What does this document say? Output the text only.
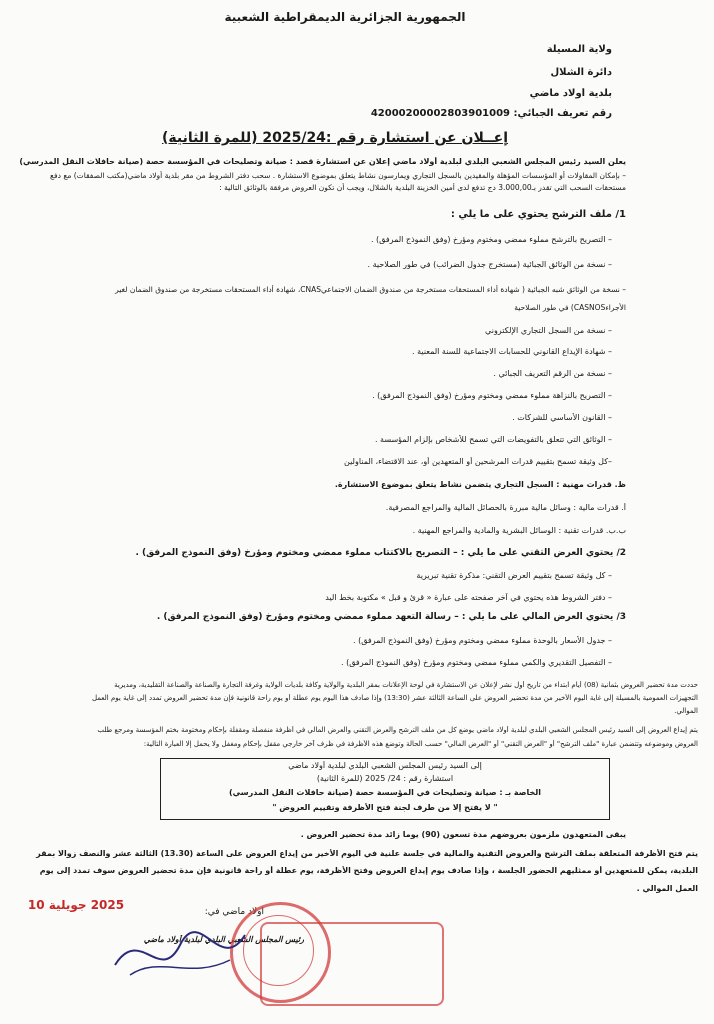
الجمهورية الجزائرية الديمقراطية الشعبية
ولاية المسيلة
دائرة الشلال
بلدية أولاد ماضي
رقم تعريف الجبائي: 42000200002803901009
إعــلان عن استشارة رقم :2025/24 (للمرة الثانية)
يعلن السيد رئيس المجلس الشعبي البلدي لبلدية أولاد ماضي إعلان عن استشارة قصد : صيانة وتصليحات في المؤسسة حصة (صيانة حافلات النقل المدرسي)
– بإمكان المقاولات أو المؤسسات المؤهلة والمقيدين بالسجل التجاري ويمارسون نشاط يتعلق بموضوع الاستشارة . سحب دفتر الشروط من مقر بلدية أولاد ماضي(مكتب الصفقات) مع دفع
مستحقات السحب التي تقدر بـ3.000,00 دج تدفع لدى أمين الخزينة البلدية بالشلال، ويجب أن تكون العروض مرفقة بالوثائق التالية :
1/ ملف الترشح يحتوي على ما يلي :
– التصريح بالترشح مملوء ممضي ومختوم ومؤرخ (وفق النموذج المرفق) .
– نسخة من الوثائق الجبائية (مستخرج جدول الضرائب) في طور الصلاحية .
– نسخة من الوثائق شبه الجبائية ( شهادة أداء المستحقات مستخرجة من صندوق الضمان الاجتماعيCNAS، شهادة أداء المستحقات مستخرجة من صندوق الضمان لغير
الأجراءCASNOS) في طور الصلاحية
– نسخة من السجل التجاري الإلكتروني
– شهادة الإيداع القانوني للحسابات الاجتماعية للسنة المعنية .
– نسخة من الرقم التعريف الجبائي .
– التصريح بالنزاهة مملوء ممضي ومختوم ومؤرخ (وفق النموذج المرفق) .
– القانون الأساسي للشركات .
– الوثائق التي تتعلق بالتفويضات التي تسمح للأشخاص بإلزام المؤسسة .
–كل وثيقة تسمح بتقييم قدرات المرشحين أو المتعهدين أو، عند الاقتضاء، المناولين
ظ. قدرات مهنية : السجل التجاري يتضمن نشاط يتعلق بموضوع الاستشارة.
أ. قدرات مالية : وسائل مالية مبررة بالحصائل المالية والمراجع المصرفية.
ب.ب. قدرات تقنية : الوسائل البشرية والمادية والمراجع المهنية .
2/ يحتوي العرض التقني على ما يلي : – التصريح بالاكتتاب مملوء ممضي ومختوم ومؤرخ (وفق النموذج المرفق) .
– كل وثيقة تسمح بتقييم العرض التقني: مذكرة تقنية تبريرية
– دفتر الشروط هذه يحتوي في آخر صفحته على عبارة « قرئ و قبل » مكتوبة بخط اليد
3/ يحتوي العرض المالي على ما يلي : – رسالة التعهد مملوء ممضي ومختوم ومؤرخ (وفق النموذج المرفق) .
– جدول الأسعار بالوحدة مملوء ممضي ومختوم ومؤرخ (وفق النموذج المرفق) .
– التفصيل التقديري والكمي مملوء ممضي ومختوم ومؤرخ (وفق النموذج المرفق) .
حددت مدة تحضير العروض بثمانية (08) أيام ابتداء من تاريخ أول نشر لإعلان عن الاستشارة في لوحة الإعلانات بمقر البلدية والولاية وكافة بلديات الولاية وغرفة التجارة والصناعة والصناعة التقليدية، ومديرية
التجهيزات العمومية بالمسيلة إلى غاية اليوم الأخير من مدة تحضير العروض على الساعة الثالثة عشر (13:30) وإذا صادف هذا اليوم يوم عطلة أو يوم راحة قانونية فإن مدة تحضير العروض تمدد إلى غاية يوم العمل
الموالي.
يتم إيداع العروض إلى السيد رئيس المجلس الشعبي البلدي لبلدية أولاد ماضي يوضع كل من ملف الترشح والعرض التقني والعرض المالي في أظرفة منفصلة ومقفلة بإحكام ومختومة بختم المؤسسة ومرجع طلب
العروض وموضوعه وتتضمن عبارة "ملف الترشح" أو "العرض التقني" أو "العرض المالي" حسب الحالة وتوضع هذه الأظرفة في ظرف آخر خارجي مقفل بإحكام ومغفل ولا يحمل إلا العبارة التالية:
إلى السيد رئيس المجلس الشعبي البلدي لبلدية أولاد ماضي
استشارة رقم : 24/ 2025 (للمرة الثانية)
الخاصة بـ : صيانة وتصليحات في المؤسسة حصة (صيانة حافلات النقل المدرسي)
" لا يفتح إلا من طرف لجنة فتح الأظرفة وتقييم العروض "
يبقى المتعهدون ملزمون بعروضهم مدة تسعون (90) يوما زائد مدة تحضير العروض .
يتم فتح الأظرفة المتعلقة بملف الترشح والعروض التقنية والمالية في جلسة علنية في اليوم الأخير من إيداع العروض على الساعة (13.30) الثالثة عشر والنصف زوالا بمقر
البلدية، يمكن للمتعهدين أو ممثليهم الحضور الجلسة ، وإذا صادف يوم إيداع العروض وفتح الأظرفة، يوم عطلة أو راحة قانونية فإن مدة تحضير العروض سوف تمدد إلى يوم
العمل الموالي .
أولاد ماضي في:
2025 جويلية 10
رئيس المجلس الشعبي البلدي لبلدية أولاد ماضي
